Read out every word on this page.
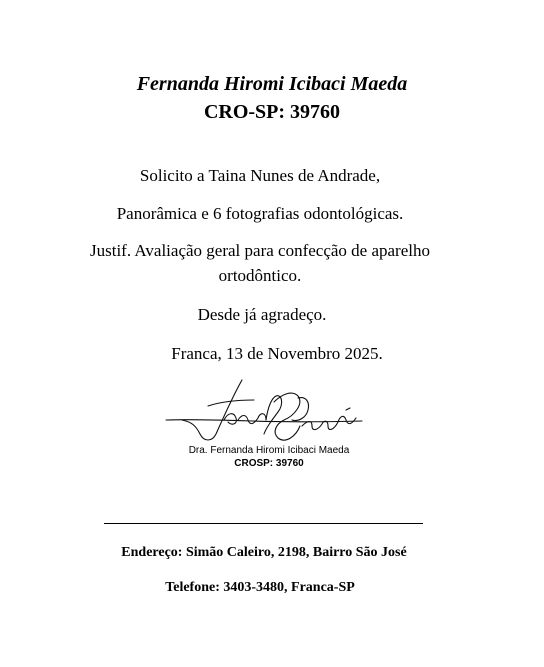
Fernanda Hiromi Icibaci Maeda
CRO-SP: 39760
Solicito a Taina Nunes de Andrade,
Panorâmica e 6 fotografias odontológicas.
Justif. Avaliação geral para confecção de aparelho
ortodôntico.
Desde já agradeço.
Franca, 13 de Novembro 2025.
Dra. Fernanda Hiromi Icibaci Maeda
CROSP: 39760
Endereço: Simão Caleiro, 2198, Bairro São José
Telefone: 3403-3480, Franca-SP
